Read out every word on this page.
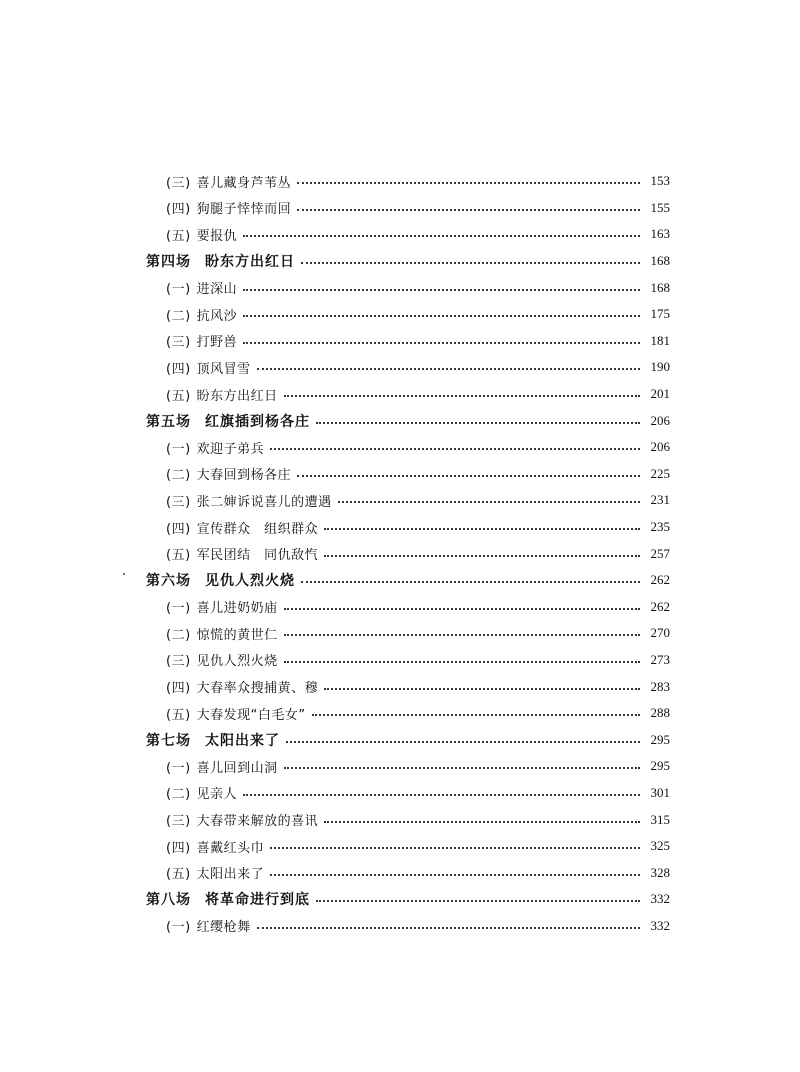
(三) 喜儿藏身芦苇丛	153
(四) 狗腿子悻悻而回	155
(五) 要报仇	163
第四场 盼东方出红日	168
(一) 进深山	168
(二) 抗风沙	175
(三) 打野兽	181
(四) 顶风冒雪	190
(五) 盼东方出红日	201
第五场 红旗插到杨各庄	206
(一) 欢迎子弟兵	206
(二) 大春回到杨各庄	225
(三) 张二婶诉说喜儿的遭遇	231
(四) 宣传群众　组织群众	235
(五) 军民团结　同仇敌忾	257
第六场 见仇人烈火烧	262
(一) 喜儿进奶奶庙	262
(二) 惊慌的黄世仁	270
(三) 见仇人烈火烧	273
(四) 大春率众搜捕黄、穆	283
(五) 大春发现“白毛女”	288
第七场 太阳出来了	295
(一) 喜儿回到山洞	295
(二) 见亲人	301
(三) 大春带来解放的喜讯	315
(四) 喜戴红头巾	325
(五) 太阳出来了	328
第八场 将革命进行到底	332
(一) 红缨枪舞	332
